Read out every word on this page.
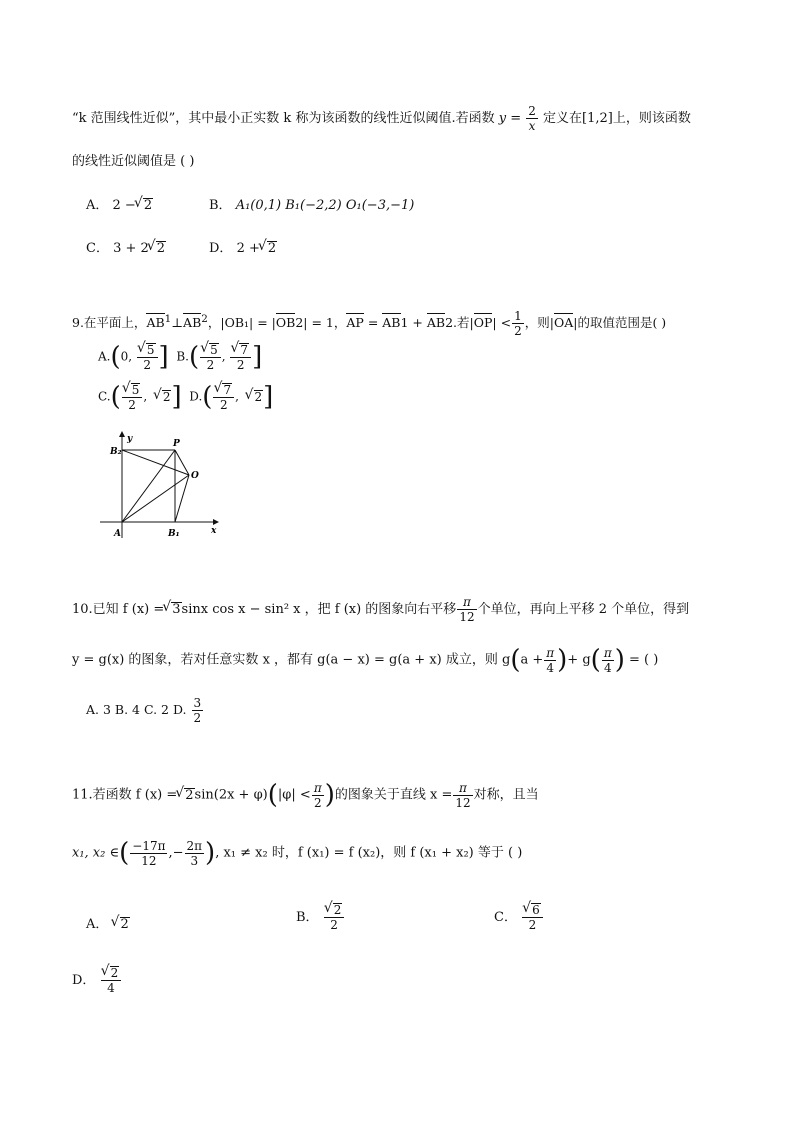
“k 范围线性近似”，其中最小正实数 k 称为该函数的线性近似阈值.若函数 $y = \frac{2}{x}$ 定义在[1,2]上，则该函数
的线性近似阈值是 ( )
A． 2 − √ 2	B． A₁(0,1) B₁(−2,2) O₁(−3,−1)
C． 3 + 2 √ 2	D． 2 + √ 2
9.在平面上，$AB^1\perp AB^2$，|OB₁| = |OB2| = 1，AP = AB1 + AB2.若$|OP| < \frac{1}{2}$ ，则|OA|的取值范围是( )
A.(0, √ $\frac{5}{2}$ ] B.( √ $\frac{5}{2}$ , √ $\frac{7}{2}$ ]
C.( √ $\frac{5}{2}$ ,  √ 2] D.( √ $\frac{7}{2}$ ,  √ 2]
y
x
B₂
P
O
A	B₁
10.已知 f (x) = √ 3sinx cos x − sin² x ，把 f (x) 的图象向右平移 $\frac{\pi}{12}$ 个单位，再向上平移 2 个单位，得到
y = g(x) 的图象，若对任意实数 x ，都有 g(a − x) = g(a + x) 成立，则 $g(a + \frac{\pi}{4}$ )+ $g( \frac{\pi}{4}$ ) = ( )
A. 3 B. 4 C. 2 D. $\frac{3}{2}$
11.若函数 f (x) = √ $2\sin(2x + \varphi)(|\varphi| < \frac{\pi}{2}$ )的图象关于直线 $x = \frac{\pi}{12}$ 对称，且当
x₁, x₂ ∈( $\frac{-17\pi}{12}$ ,− $\frac{2\pi}{3}$ ), x₁ ≠ x₂ 时，f (x₁) = f (x₂)，则 f (x₁ + x₂) 等于 ( )
A． √ 2	B． √ $\frac{2}{2}$	C． √ $\frac{6}{2}$
D． √ $\frac{2}{4}$
